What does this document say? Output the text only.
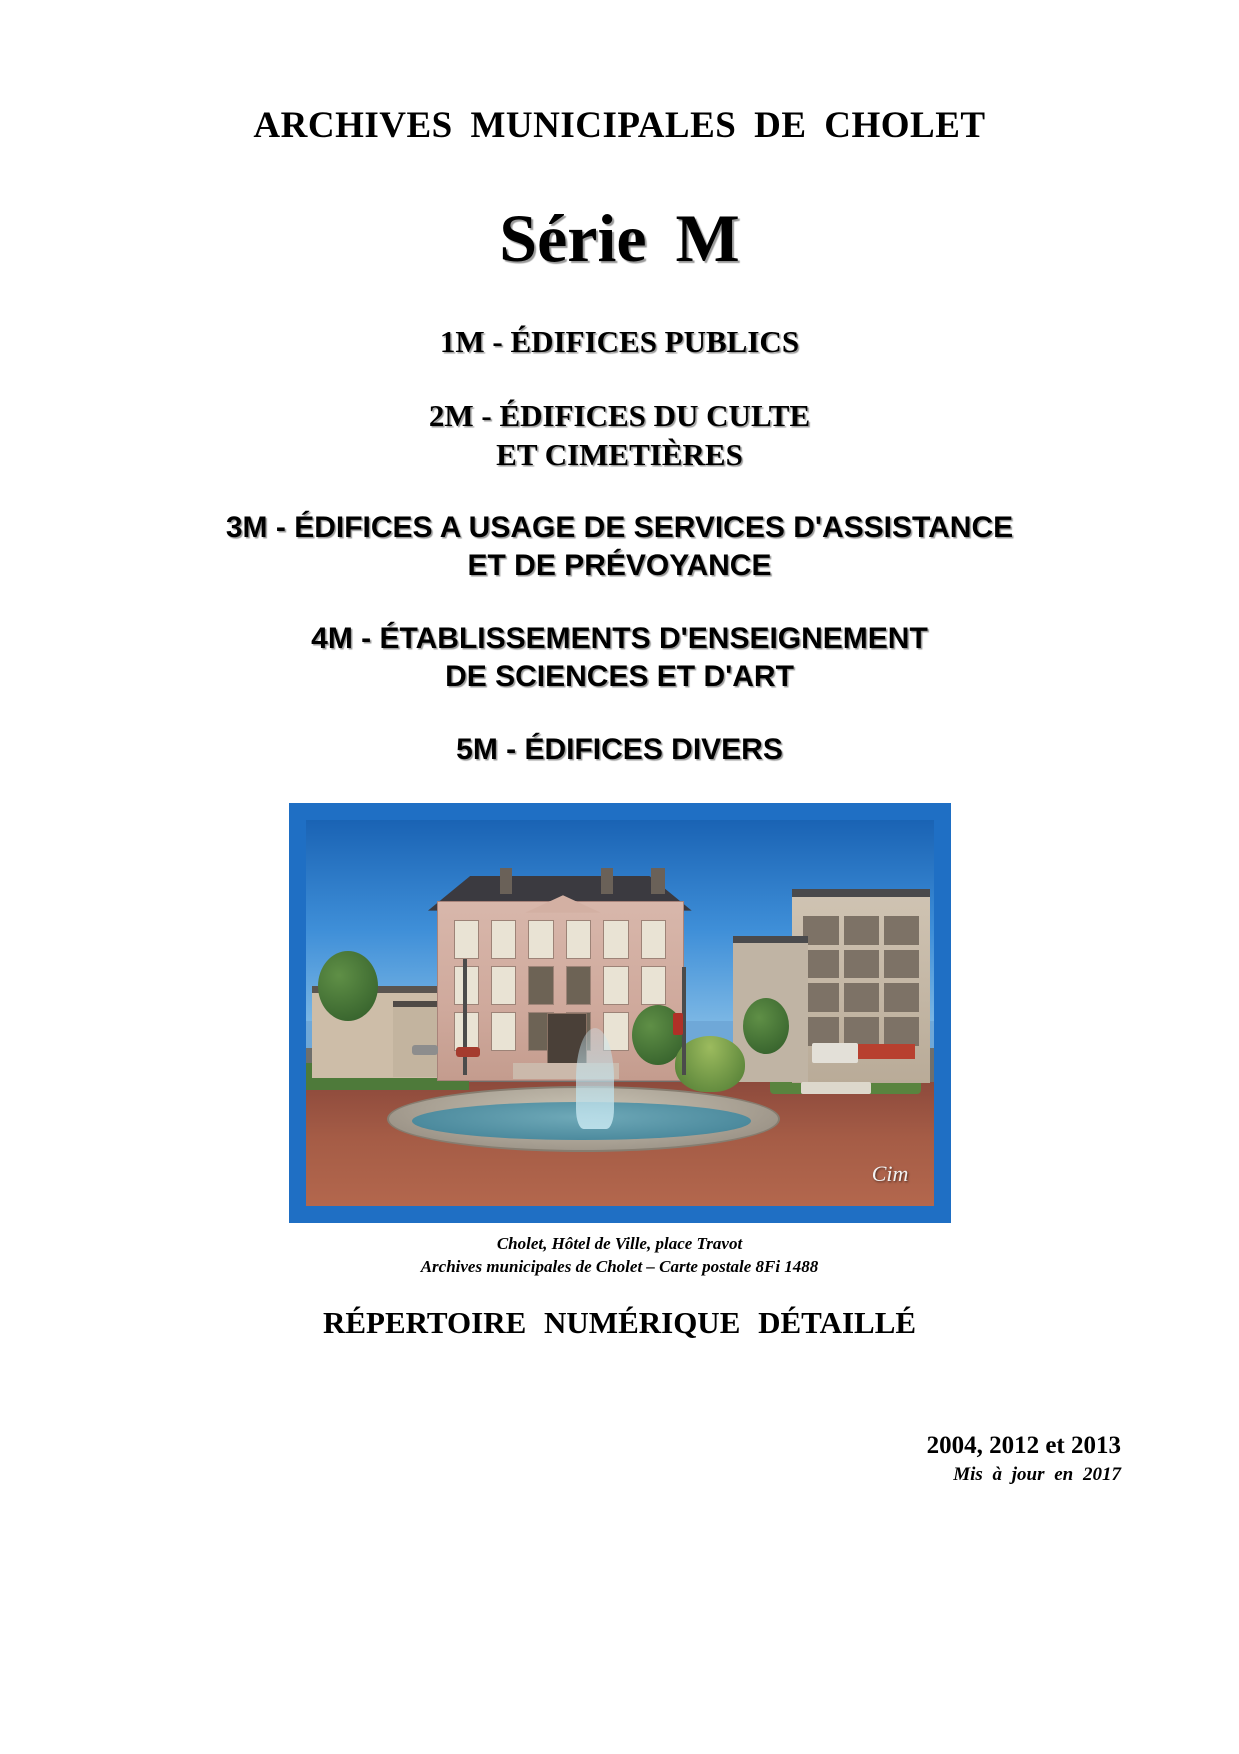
ARCHIVES MUNICIPALES DE CHOLET
Série M
1M - ÉDIFICES PUBLICS
2M - ÉDIFICES DU CULTE
ET CIMETIÈRES
3M - ÉDIFICES A USAGE DE SERVICES D'ASSISTANCE
ET DE PRÉVOYANCE
4M - ÉTABLISSEMENTS D'ENSEIGNEMENT
DE SCIENCES ET D'ART
5M - ÉDIFICES DIVERS
Cim
Cholet, Hôtel de Ville, place Travot
Archives municipales de Cholet – Carte postale 8Fi 1488
RÉPERTOIRE NUMÉRIQUE DÉTAILLÉ
2004, 2012 et 2013
Mis à jour en 2017
